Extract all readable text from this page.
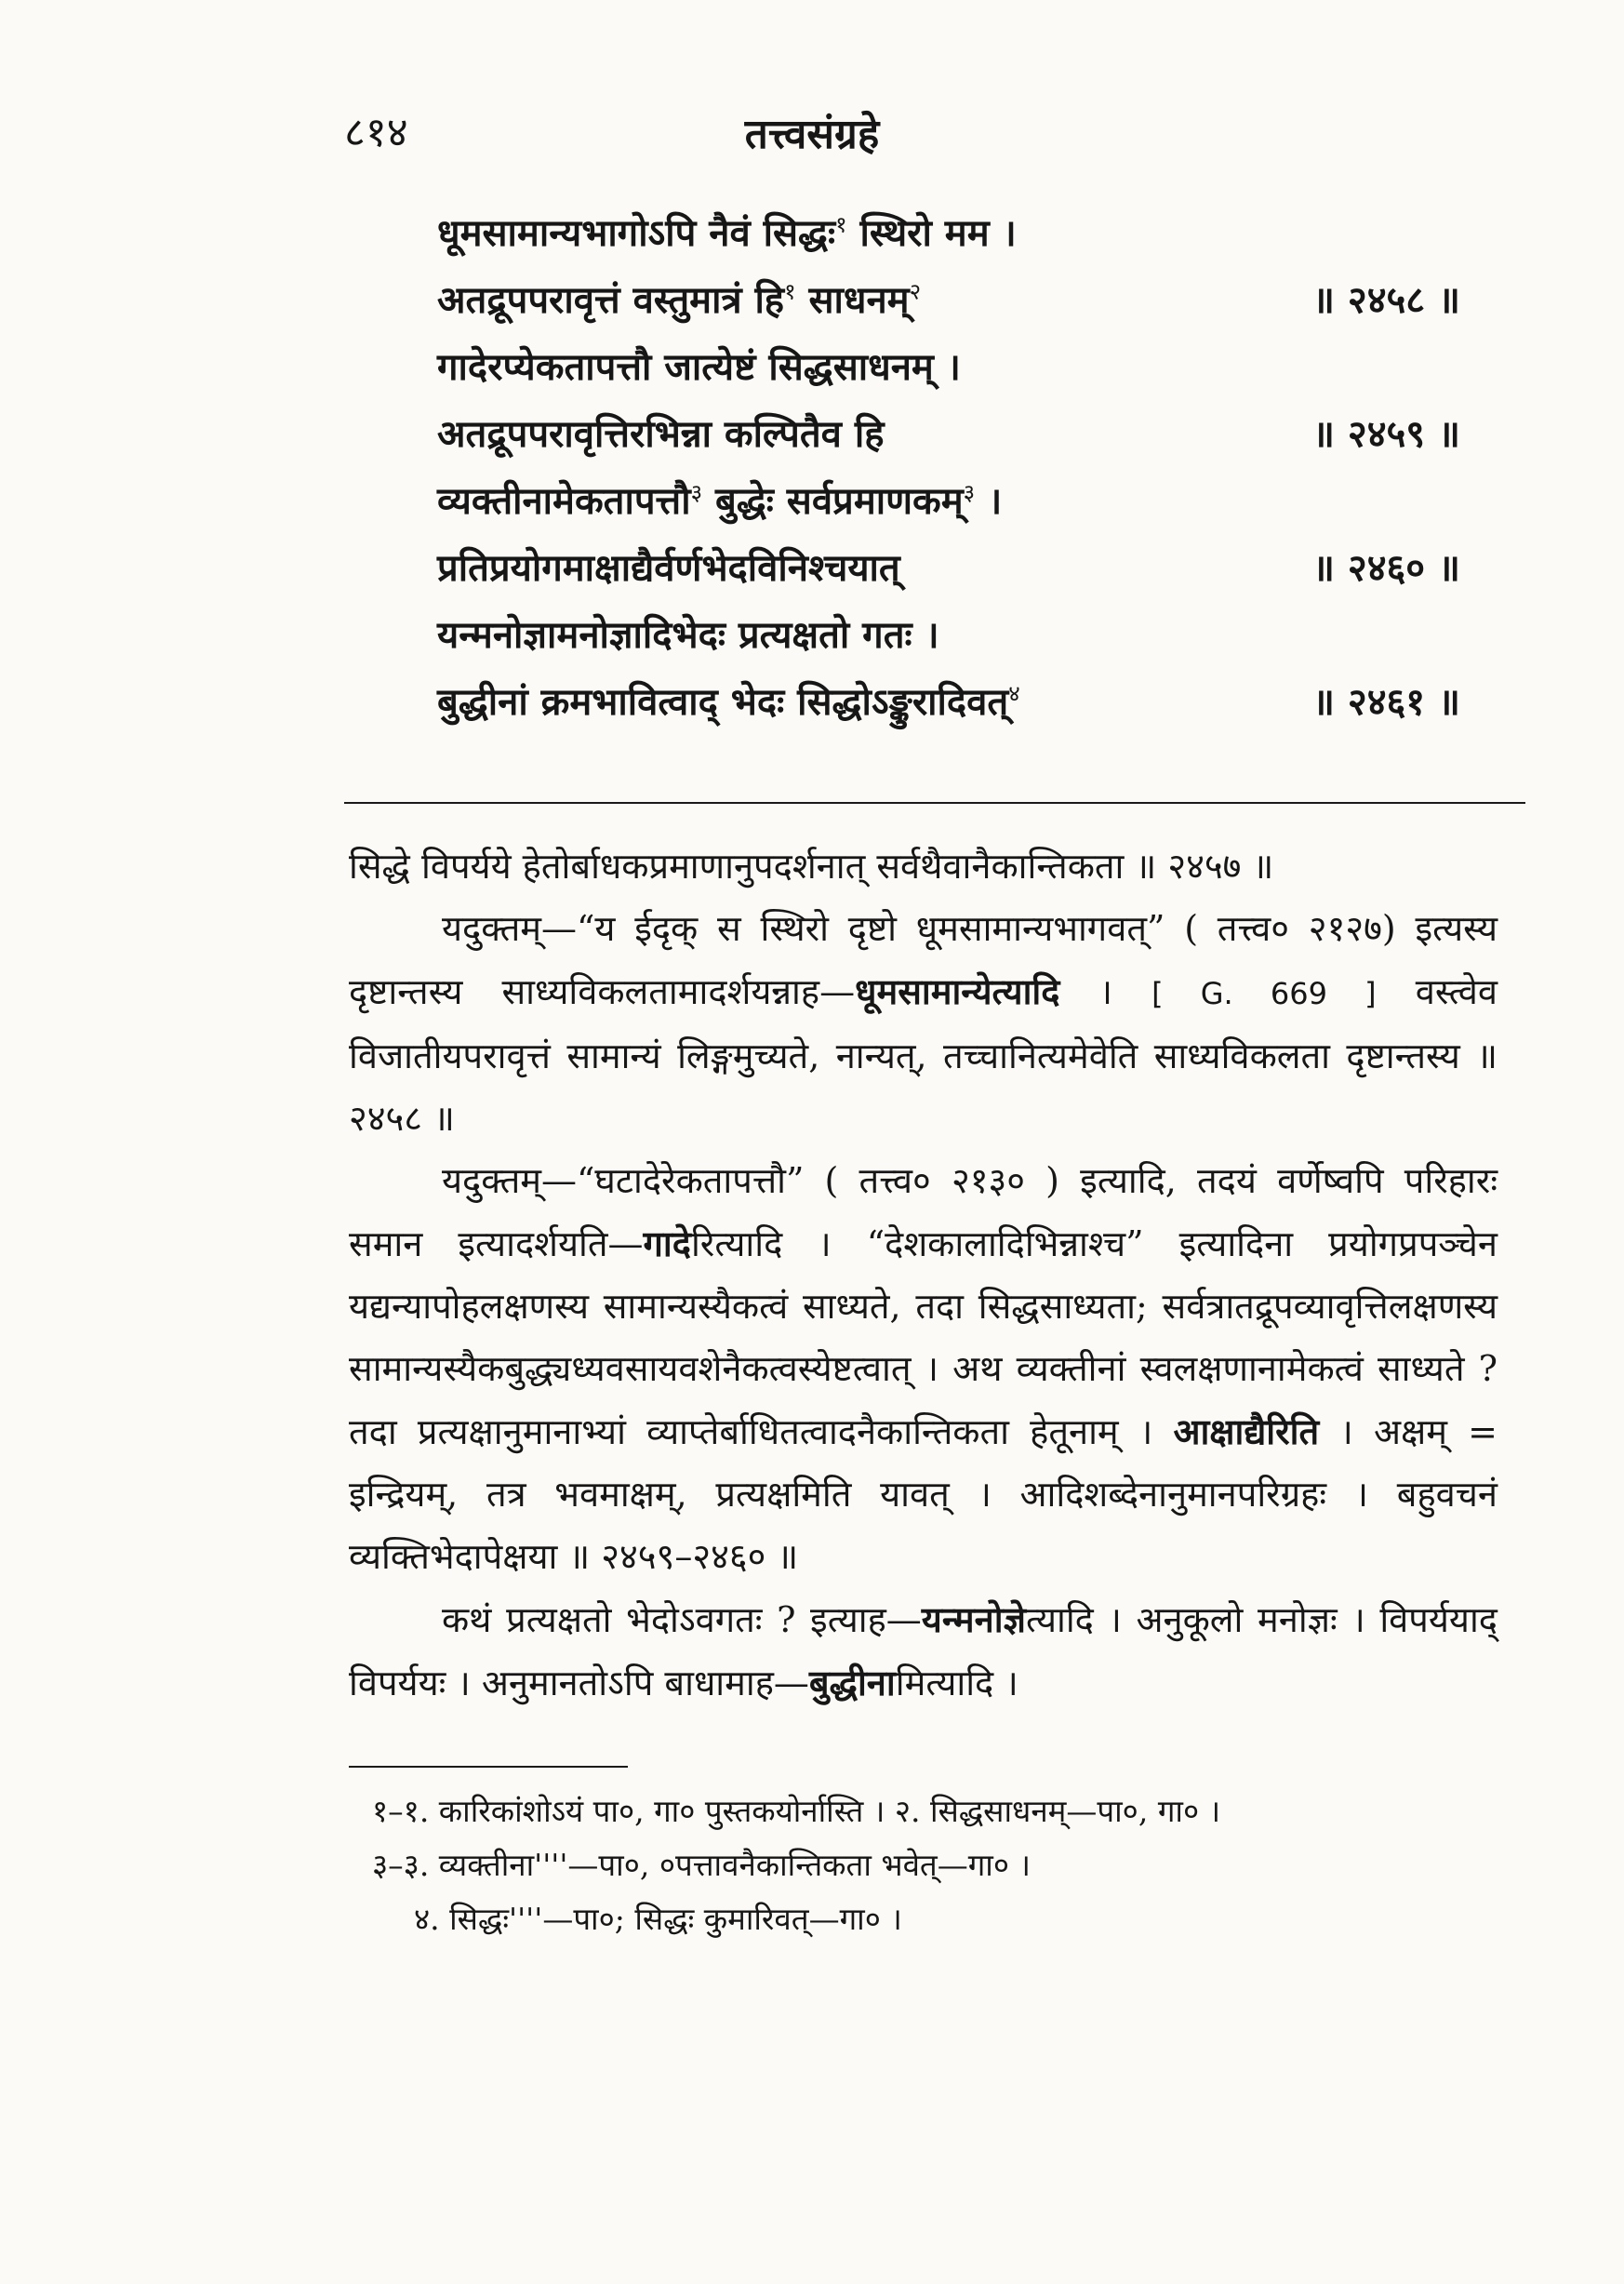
८१४	तत्त्वसंग्रहे
धूमसामान्यभागोऽपि नैवं सिद्धः$^१$ स्थिरो मम ।
अतद्रूपपरावृत्तं वस्तुमात्रं हि$^१$ साधनम्$^२$	॥ २४५८ ॥
गादेरप्येकतापत्तौ जात्येष्टं सिद्धसाधनम् ।
अतद्रूपपरावृत्तिरभिन्ना कल्पितैव हि	॥ २४५९ ॥
व्यक्तीनामेकतापत्तौ$^३$ बुद्धेः सर्वप्रमाणकम्$^३$ ।
प्रतिप्रयोगमाक्षाद्यैर्वर्णभेदविनिश्चयात्	॥ २४६० ॥
यन्मनोज्ञामनोज्ञादिभेदः प्रत्यक्षतो गतः ।
बुद्धीनां क्रमभावित्वाद् भेदः सिद्धोऽङ्कुरादिवत्$^४$	॥ २४६१ ॥

सिद्धे विपर्यये हेतोर्बाधकप्रमाणानुपदर्शनात् सर्वथैवानैकान्तिकता ॥ २४५७ ॥

यदुक्तम्—“य ईदृक् स स्थिरो दृष्टो धूमसामान्यभागवत्” ( तत्त्व० २१२७) इत्यस्य दृष्टान्तस्य साध्यविकलतामादर्शयन्नाह—धूमसामान्येत्यादि । [ G. 669 ] वस्त्वेव विजातीयपरावृत्तं सामान्यं लिङ्गमुच्यते, नान्यत्, तच्चानित्यमेवेति साध्यविकलता दृष्टान्तस्य ॥ २४५८ ॥

यदुक्तम्—“घटादेरेकतापत्तौ” ( तत्त्व० २१३० ) इत्यादि, तदयं वर्णेष्वपि परिहारः समान इत्यादर्शयति—गादेरित्यादि । “देशकालादिभिन्नाश्च” इत्यादिना प्रयोगप्रपञ्चेन यद्यन्यापोहलक्षणस्य सामान्यस्यैकत्वं साध्यते, तदा सिद्धसाध्यता; सर्वत्रातद्रूपव्यावृत्तिलक्षणस्य सामान्यस्यैकबुद्ध्यध्यवसायवशेनैकत्वस्येष्टत्वात् । अथ व्यक्तीनां स्वलक्षणानामेकत्वं साध्यते ? तदा प्रत्यक्षानुमानाभ्यां व्याप्तेर्बाधितत्वादनैकान्तिकता हेतूनाम् । आक्षाद्यैरिति । अक्षम् = इन्द्रियम्, तत्र भवमाक्षम्, प्रत्यक्षमिति यावत् । आदिशब्देनानुमानपरिग्रहः । बहुवचनं व्यक्तिभेदापेक्षया ॥ २४५९–२४६० ॥

कथं प्रत्यक्षतो भेदोऽवगतः ? इत्याह—यन्मनोज्ञेत्यादि । अनुकूलो मनोज्ञः । विपर्ययाद् विपर्ययः । अनुमानतोऽपि बाधामाह—बुद्धीनामित्यादि ।

१–१. कारिकांशोऽयं पा०, गा० पुस्तकयोर्नास्ति । २. सिद्धसाधनम्—पा०, गा० ।
३–३. व्यक्तीना''''—पा०, ०पत्तावनैकान्तिकता भवेत्—गा० ।
४. सिद्धः''''—पा०; सिद्धः कुमारिवत्—गा० ।
